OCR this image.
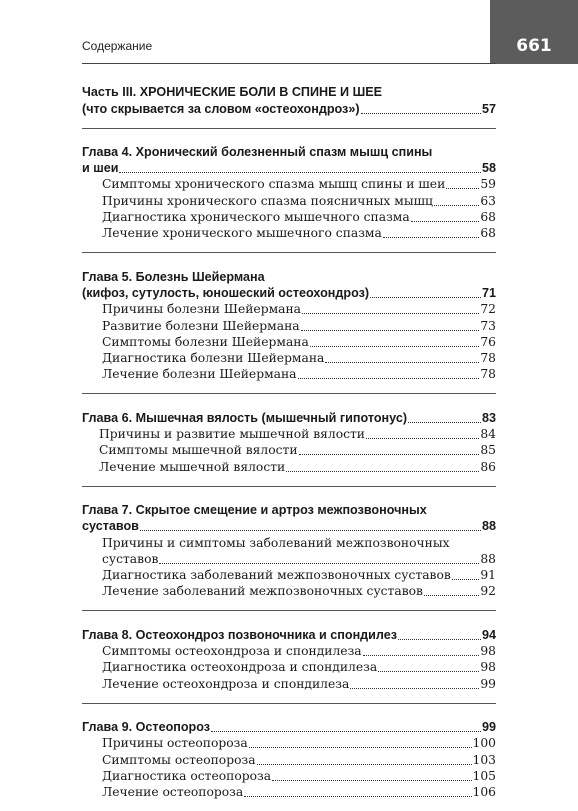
Содержание	661
Часть III. ХРОНИЧЕСКИЕ БОЛИ В СПИНЕ И ШЕЕ
(что скрывается за словом «остеохондроз»)	57
Глава 4. Хронический болезненный спазм мышц спины
и шеи	58
Симптомы хронического спазма мышц спины и шеи	59
Причины хронического спазма поясничных мышц	63
Диагностика хронического мышечного спазма	68
Лечение хронического мышечного спазма	68
Глава 5. Болезнь Шейермана
(кифоз, сутулость, юношеский остеохондроз)	71
Причины болезни Шейермана	72
Развитие болезни Шейермана	73
Симптомы болезни Шейермана	76
Диагностика болезни Шейермана	78
Лечение болезни Шейермана	78
Глава 6. Мышечная вялость (мышечный гипотонус)	83
Причины и развитие мышечной вялости	84
Симптомы мышечной вялости	85
Лечение мышечной вялости	86
Глава 7. Скрытое смещение и артроз межпозвоночных
суставов	88
Причины и симптомы заболеваний межпозвоночных
суставов	88
Диагностика заболеваний межпозвоночных суставов 91
Лечение заболеваний межпозвоночных суставов	92
Глава 8. Остеохондроз позвоночника и спондилез	94
Симптомы остеохондроза и спондилеза	98
Диагностика остеохондроза и спондилеза	98
Лечение остеохондроза и спондилеза	99
Глава 9. Остеопороз	99
Причины остеопороза	100
Симптомы остеопороза	103
Диагностика остеопороза	105
Лечение остеопороза	106
